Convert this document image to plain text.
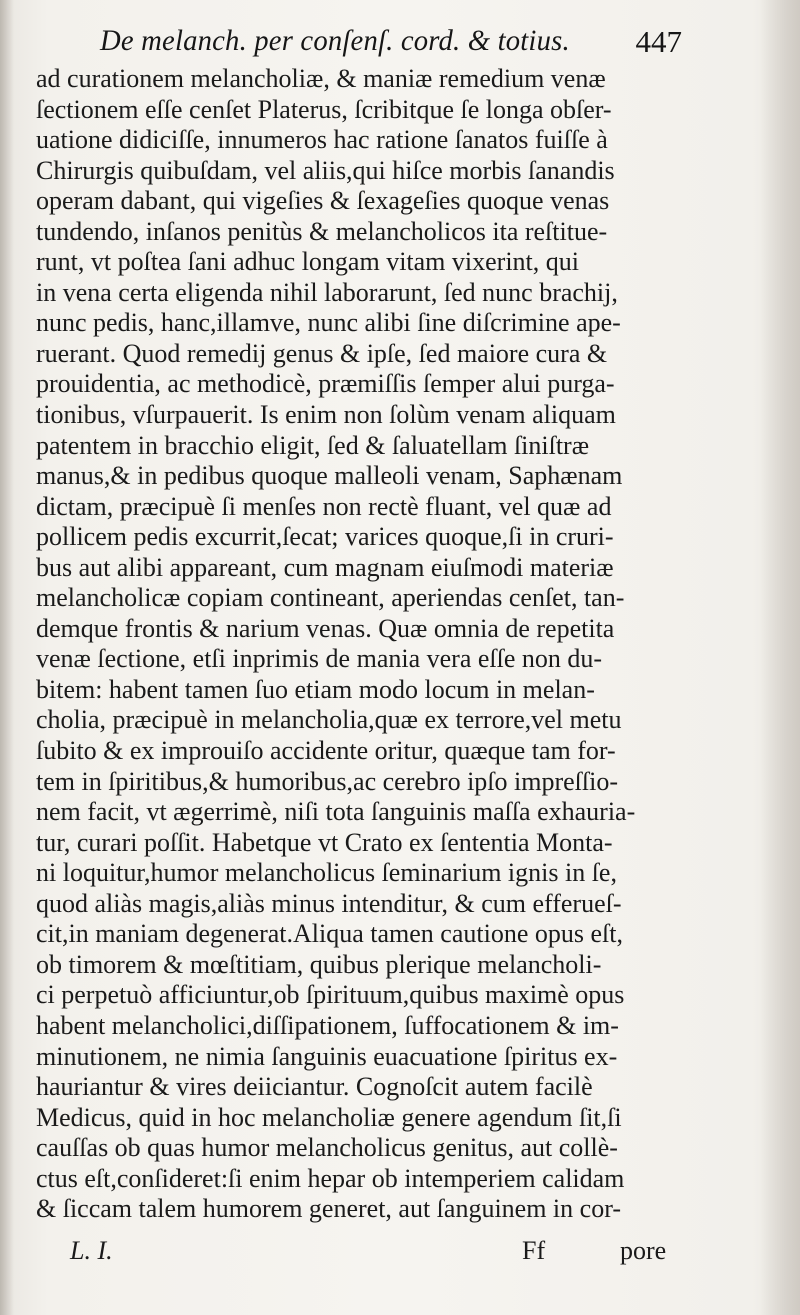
De melanch. per conſenſ. cord. & totius. 447
ad curationem melancholiæ, & maniæ remedium venæ
ſectionem eſſe cenſet Platerus, ſcribitque ſe longa obſer-
uatione didiciſſe, innumeros hac ratione ſanatos fuiſſe à
Chirurgis quibuſdam, vel aliis,qui hiſce morbis ſanandis
operam dabant, qui vigeſies & ſexageſies quoque venas
tundendo, inſanos penitùs & melancholicos ita reſtitue-
runt, vt poſtea ſani adhuc longam vitam vixerint, qui
in vena certa eligenda nihil laborarunt, ſed nunc brachij,
nunc pedis, hanc,illamve, nunc alibi ſine diſcrimine ape-
ruerant. Quod remedij genus & ipſe, ſed maiore cura &
prouidentia, ac methodicè, præmiſſis ſemper alui purga-
tionibus, vſurpauerit. Is enim non ſolùm venam aliquam
patentem in bracchio eligit, ſed & ſaluatellam ſiniſtræ
manus,& in pedibus quoque malleoli venam, Saphænam
dictam, præcipuè ſi menſes non rectè fluant, vel quæ ad
pollicem pedis excurrit,ſecat; varices quoque,ſi in cruri-
bus aut alibi appareant, cum magnam eiuſmodi materiæ
melancholicæ copiam contineant, aperiendas cenſet, tan-
demque frontis & narium venas. Quæ omnia de repetita
venæ ſectione, etſi inprimis de mania vera eſſe non du-
bitem: habent tamen ſuo etiam modo locum in melan-
cholia, præcipuè in melancholia,quæ ex terrore,vel metu
ſubito & ex improuiſo accidente oritur, quæque tam for-
tem in ſpiritibus,& humoribus,ac cerebro ipſo impreſſio-
nem facit, vt ægerrimè, niſi tota ſanguinis maſſa exhauria-
tur, curari poſſit. Habetque vt Crato ex ſententia Monta-
ni loquitur,humor melancholicus ſeminarium ignis in ſe,
quod aliàs magis,aliàs minus intenditur, & cum efferueſ-
cit,in maniam degenerat.Aliqua tamen cautione opus eſt,
ob timorem & mœſtitiam, quibus plerique melancholi-
ci perpetuò afficiuntur,ob ſpirituum,quibus maximè opus
habent melancholici,diſſipationem, ſuffocationem & im-
minutionem, ne nimia ſanguinis euacuatione ſpiritus ex-
hauriantur & vires deiiciantur. Cognoſcit autem facilè
Medicus, quid in hoc melancholiæ genere agendum ſit,ſi
cauſſas ob quas humor melancholicus genitus, aut collè-
ctus eſt,conſideret:ſi enim hepar ob intemperiem calidam
& ſiccam talem humorem generet, aut ſanguinem in cor-
L. I.	Ff	pore
